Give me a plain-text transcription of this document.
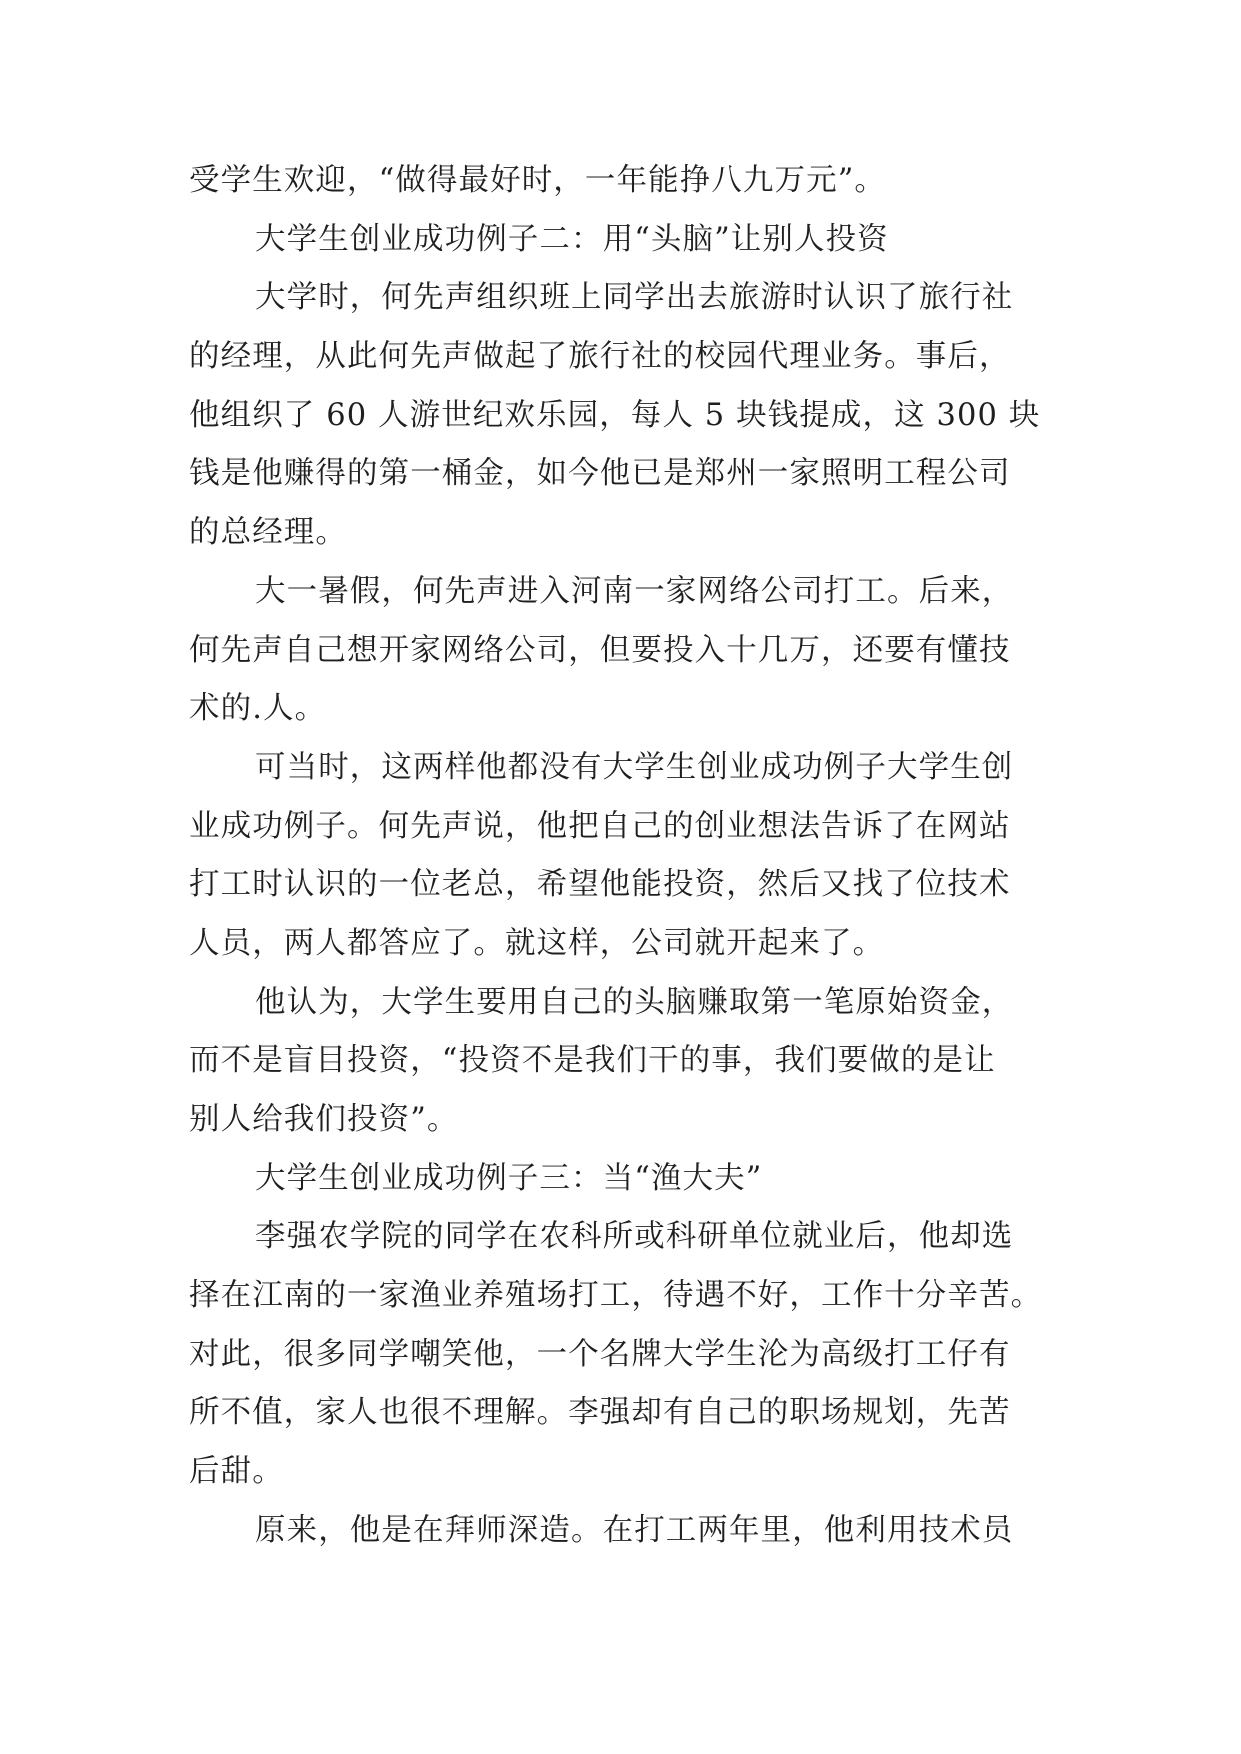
受学生欢迎，“做得最好时，一年能挣八九万元”。
大学生创业成功例子二：用“头脑”让别人投资
大学时，何先声组织班上同学出去旅游时认识了旅行社
的经理，从此何先声做起了旅行社的校园代理业务。事后，
他组织了 60 人游世纪欢乐园，每人 5 块钱提成，这 300 块
钱是他赚得的第一桶金，如今他已是郑州一家照明工程公司
的总经理。
大一暑假，何先声进入河南一家网络公司打工。后来，
何先声自己想开家网络公司，但要投入十几万，还要有懂技
术的.人。
可当时，这两样他都没有大学生创业成功例子大学生创
业成功例子。何先声说，他把自己的创业想法告诉了在网站
打工时认识的一位老总，希望他能投资，然后又找了位技术
人员，两人都答应了。就这样，公司就开起来了。
他认为，大学生要用自己的头脑赚取第一笔原始资金，
而不是盲目投资，“投资不是我们干的事，我们要做的是让
别人给我们投资”。
大学生创业成功例子三：当“渔大夫”
李强农学院的同学在农科所或科研单位就业后，他却选
择在江南的一家渔业养殖场打工，待遇不好，工作十分辛苦。
对此，很多同学嘲笑他，一个名牌大学生沦为高级打工仔有
所不值，家人也很不理解。李强却有自己的职场规划，先苦
后甜。
原来，他是在拜师深造。在打工两年里，他利用技术员
